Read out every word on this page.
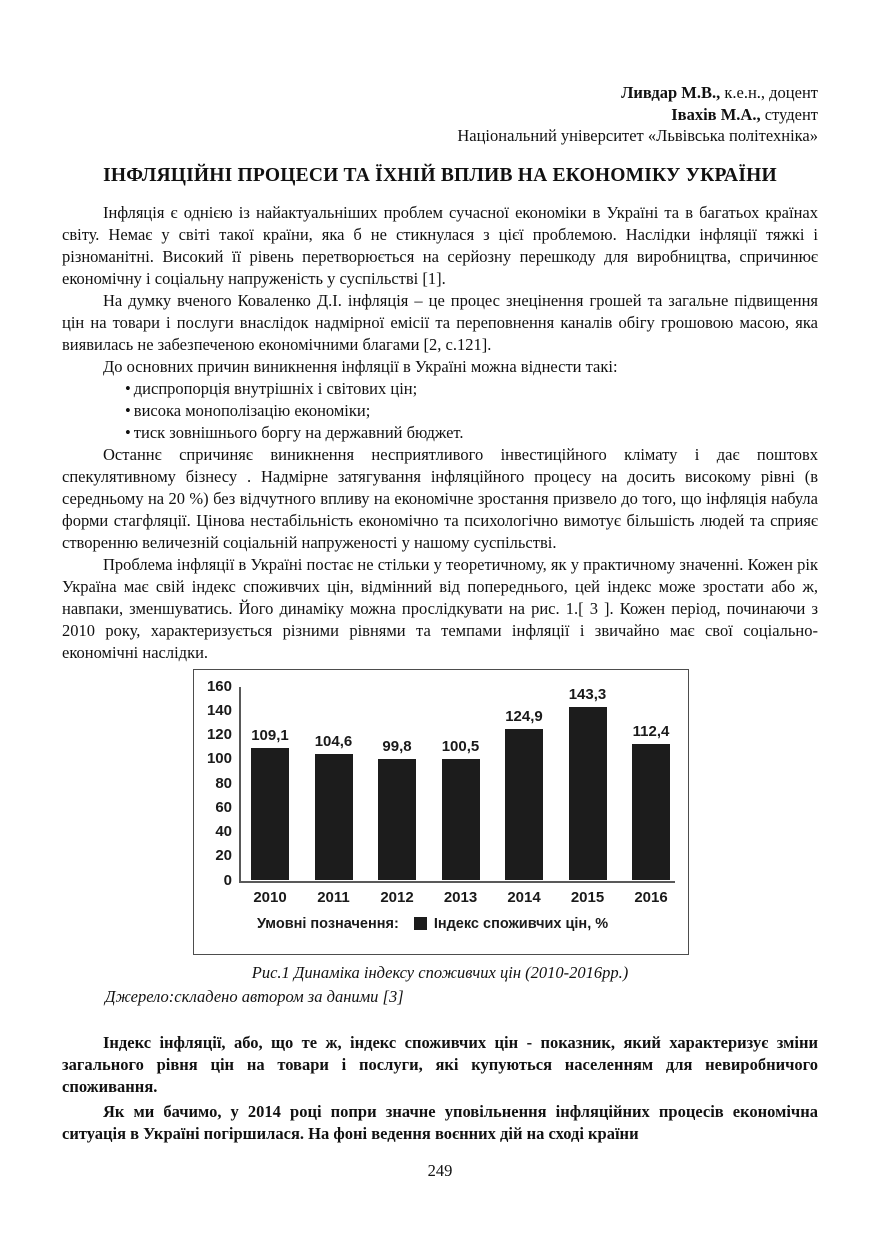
Ливдар М.В., к.е.н., доцент
Івахів М.А., студент
Національний університет «Львівська політехніка»
ІНФЛЯЦІЙНІ ПРОЦЕСИ ТА ЇХНІЙ ВПЛИВ НА ЕКОНОМІКУ УКРАЇНИ

Інфляція є однією із найактуальніших проблем сучасної економіки в Україні та в багатьох країнах світу. Немає у світі такої країни, яка б не стикнулася з цієї проблемою. Наслідки інфляції тяжкі і різноманітні. Високий її рівень перетворюється на серйозну перешкоду для виробництва, спричинює економічну і соціальну напруженість у суспільстві [1].

На думку вченого Коваленко Д.І. інфляція – це процес знецінення грошей та загальне підвищення цін на товари і послуги внаслідок надмірної емісії та переповнення каналів обігу грошовою масою, яка виявилась не забезпеченою економічними благами [2, с.121].

До основних причин виникнення інфляції в Україні можна віднести такі:

• диспропорція внутрішніх і світових цін;
• висока монополізацію економіки;
• тиск зовнішнього боргу на державний бюджет.

Останнє спричиняє виникнення несприятливого інвестиційного клімату і дає поштовх спекулятивному бізнесу . Надмірне затягування інфляційного процесу на досить високому рівні (в середньому на 20 %) без відчутного впливу на економічне зростання призвело до того, що інфляція набула форми стагфляції. Цінова нестабільність економічно та психологічно вимотує більшість людей та сприяє створенню величезній соціальній напруженості у нашому суспільстві.

Проблема інфляції в Україні постає не стільки у теоретичному, як у практичному значенні. Кожен рік Україна має свій індекс споживчих цін, відмінний від попереднього, цей індекс може зростати або ж, навпаки, зменшуватись. Його динаміку можна прослідкувати на рис. 1.[ 3 ]. Кожен період, починаючи з 2010 року, характеризується різними рівнями та темпами інфляції і звичайно має свої соціально-економічні наслідки.

0
20
40
60
80
100
120
140
160
109,1
2010
104,6
2011
99,8
2012
100,5
2013
124,9
2014
143,3
2015
112,4
2016
Умовні позначення: Індекс споживчих цін, %
Рис.1 Динаміка індексу споживчих цін (2010-2016рр.)
Джерело:складено автором за даними [3]

Індекс інфляції, або, що те ж, індекс споживчих цін - показник, який характеризує зміни загального рівня цін на товари і послуги, які купуються населенням для невиробничого споживання.

Як ми бачимо, у 2014 році попри значне уповільнення інфляційних процесів економічна ситуація в Україні погіршилася. На фоні ведення воєнних дій на сході країни

249
